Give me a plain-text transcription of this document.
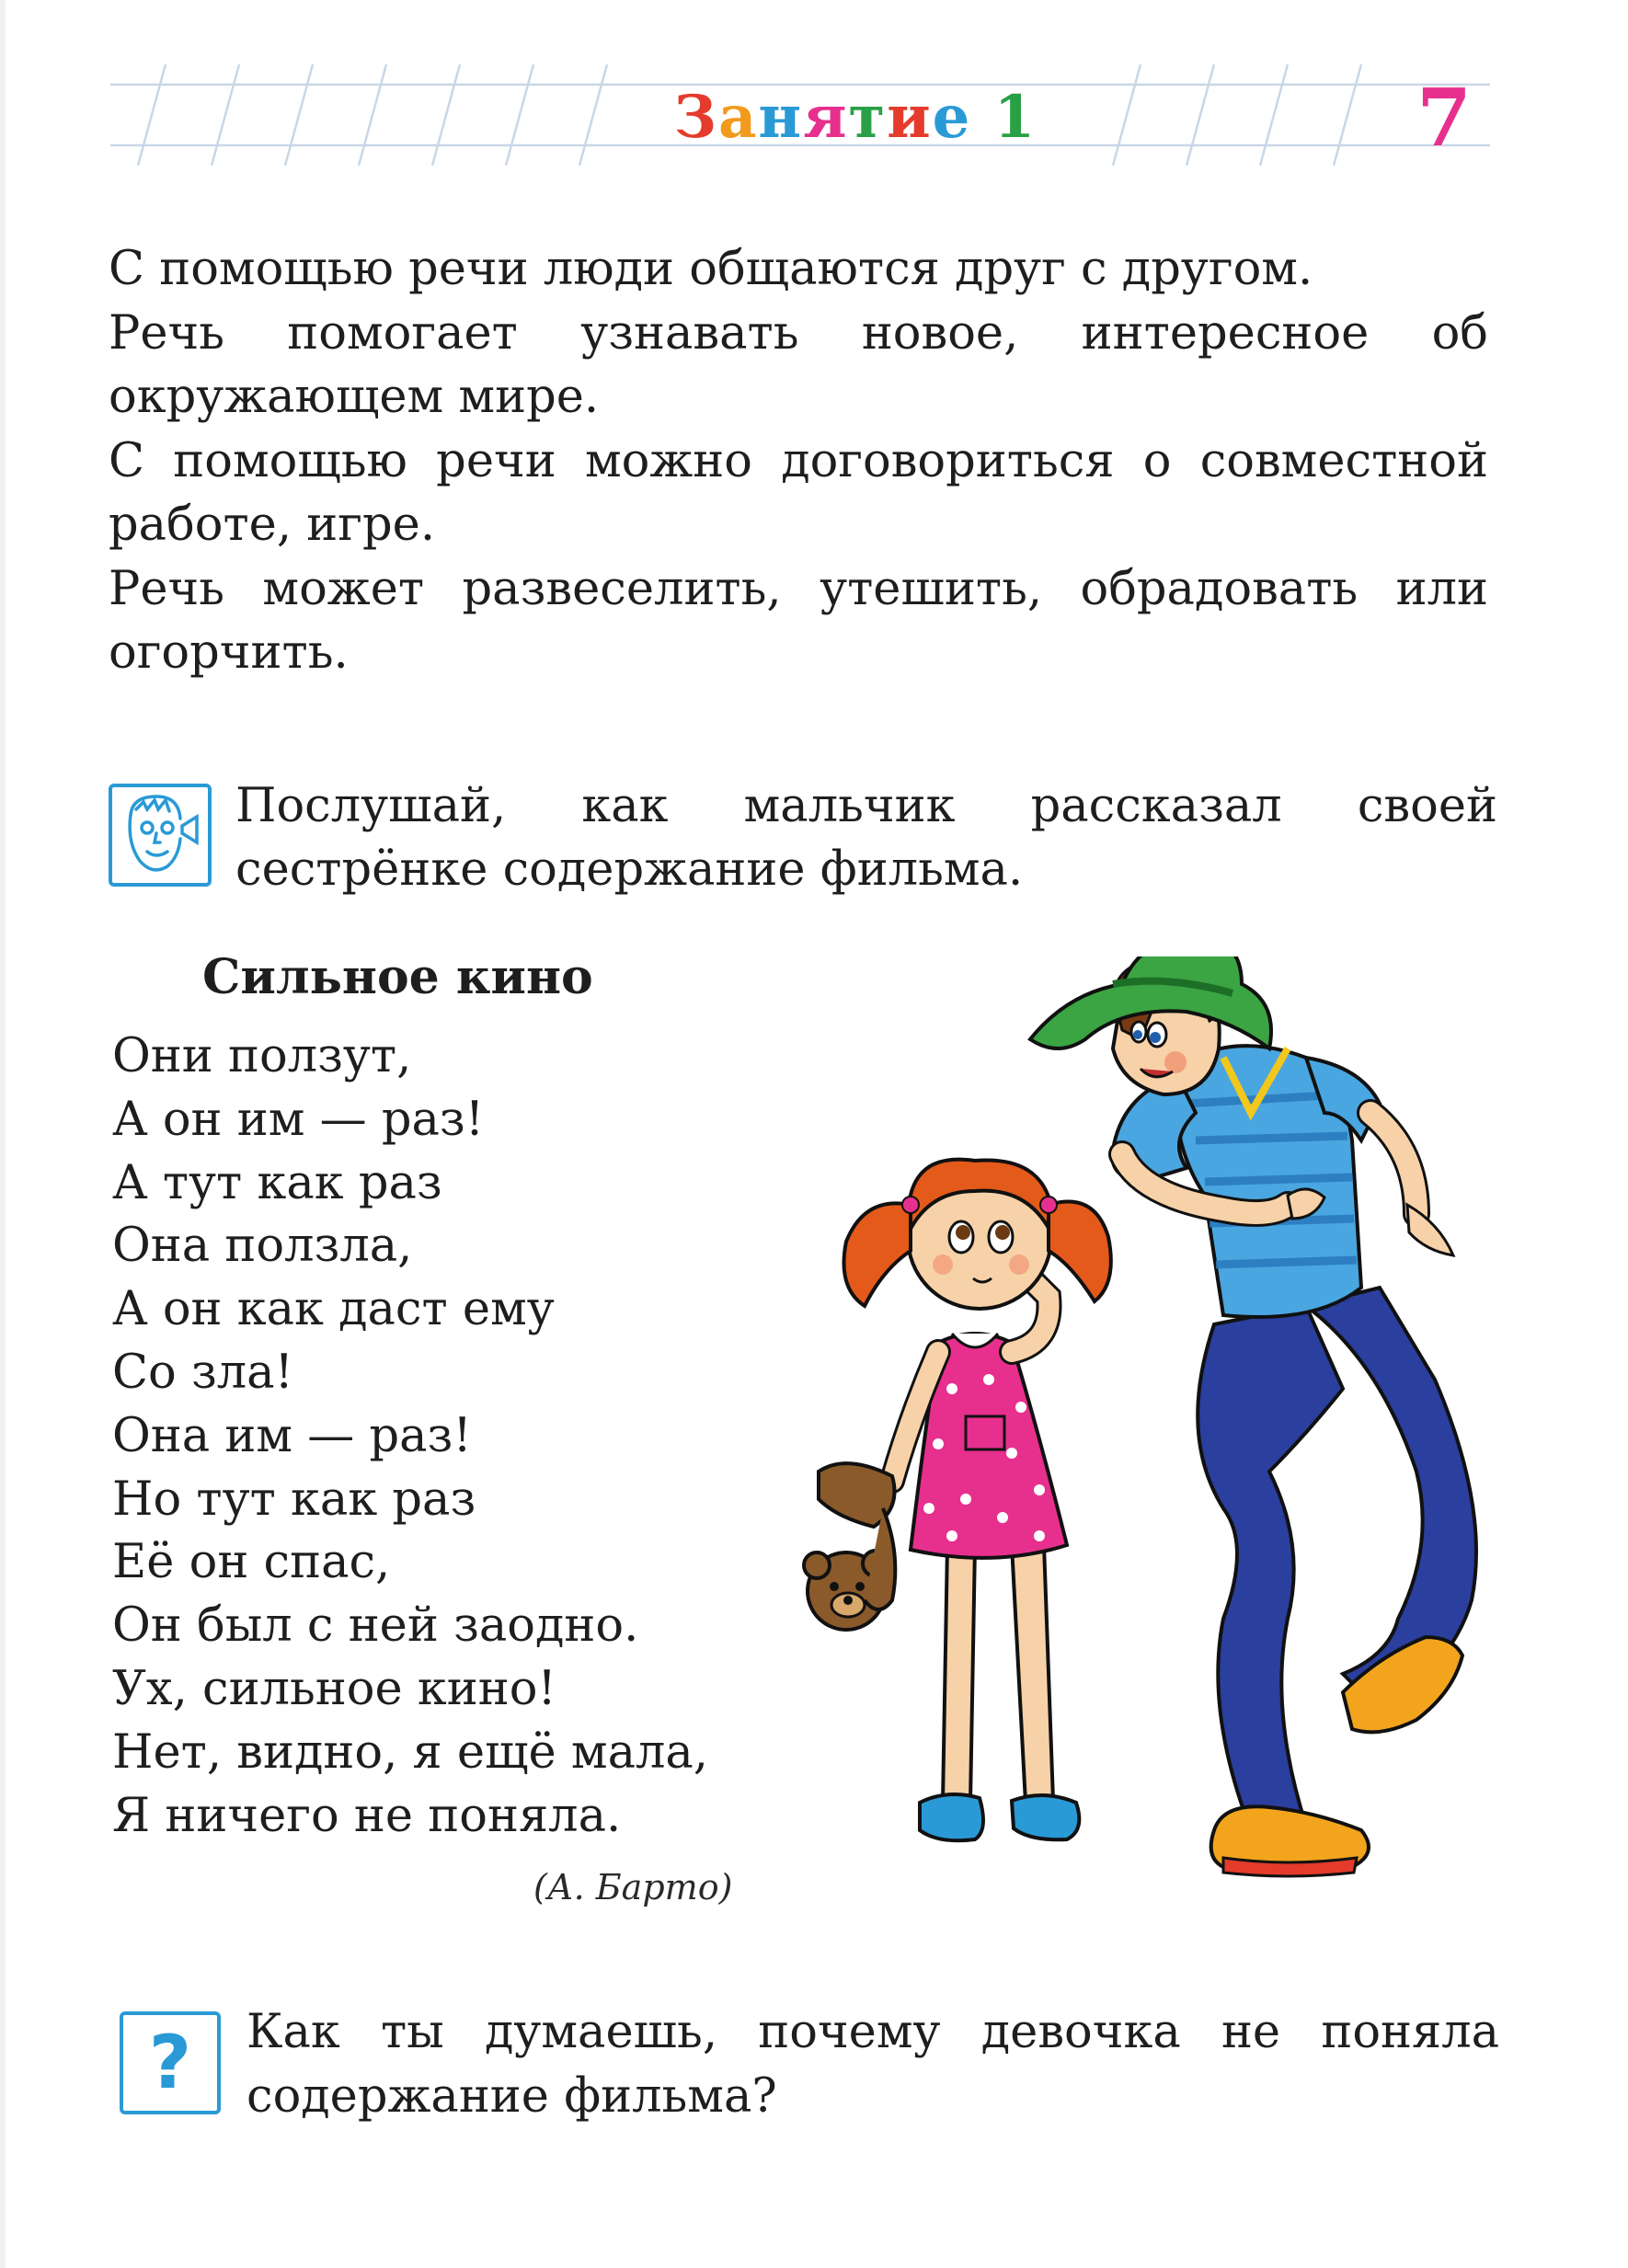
Занятие 1	7

С помощью речи люди общаются друг с другом.

Речь помогает узнавать новое, интересное об окружающем мире.

С помощью речи можно договориться о совместной работе, игре.

Речь может развеселить, утешить, обрадовать или огорчить.

Послушай, как мальчик рассказал своей сестрёнке содержание фильма.
Сильное кино
Они ползут,
А он им — раз!
А тут как раз
Она ползла,
А он как даст ему
Со зла!
Она им — раз!
Но тут как раз
Её он спас,
Он был с ней заодно.
Ух, сильное кино!
Нет, видно, я ещё мала,
Я ничего не поняла.
(А. Барто)
?	Как ты думаешь, почему девочка не поняла содержание фильма?
